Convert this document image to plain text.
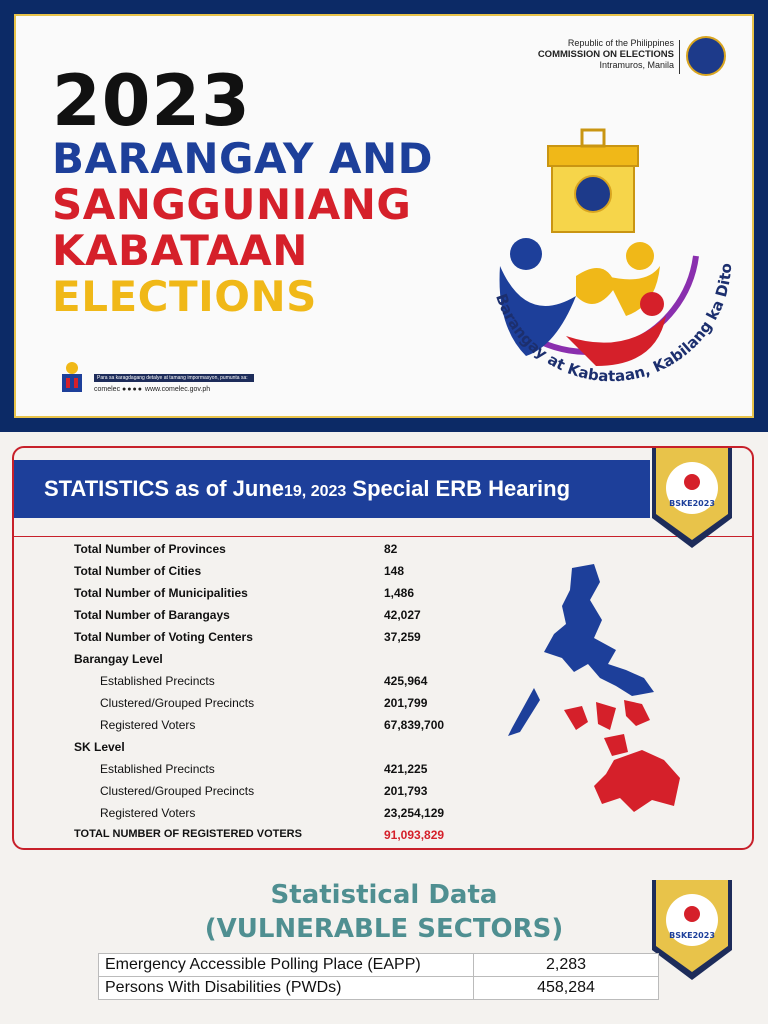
2023
BARANGAY AND
SANGGUNIANG
KABATAAN
ELECTIONS
Republic of the Philippines
COMMISSION ON ELECTIONS
Intramuros, Manila
Barangay at Kabataan, Kabilang ka Dito
Para sa karagdagang detalye at tamang impormasyon, pumunta sa:
comelec ●●●● www.comelec.gov.ph
STATISTICS as of June19, 2023 Special ERB Hearing
Total Number of Provinces	82
Total Number of Cities	148
Total Number of Municipalities	1,486
Total Number of Barangays	42,027
Total Number of Voting Centers	37,259
Barangay Level
Established Precincts	425,964
Clustered/Grouped Precincts	201,799
Registered Voters	67,839,700
SK Level
Established Precincts	421,225
Clustered/Grouped Precincts	201,793
Registered Voters	23,254,129
TOTAL NUMBER OF REGISTERED VOTERS	91,093,829
BSKE2023
Statistical Data
(VULNERABLE SECTORS)	BSKE2023
Emergency Accessible Polling Place (EAPP)	2,283
Persons With Disabilities (PWDs)	458,284
